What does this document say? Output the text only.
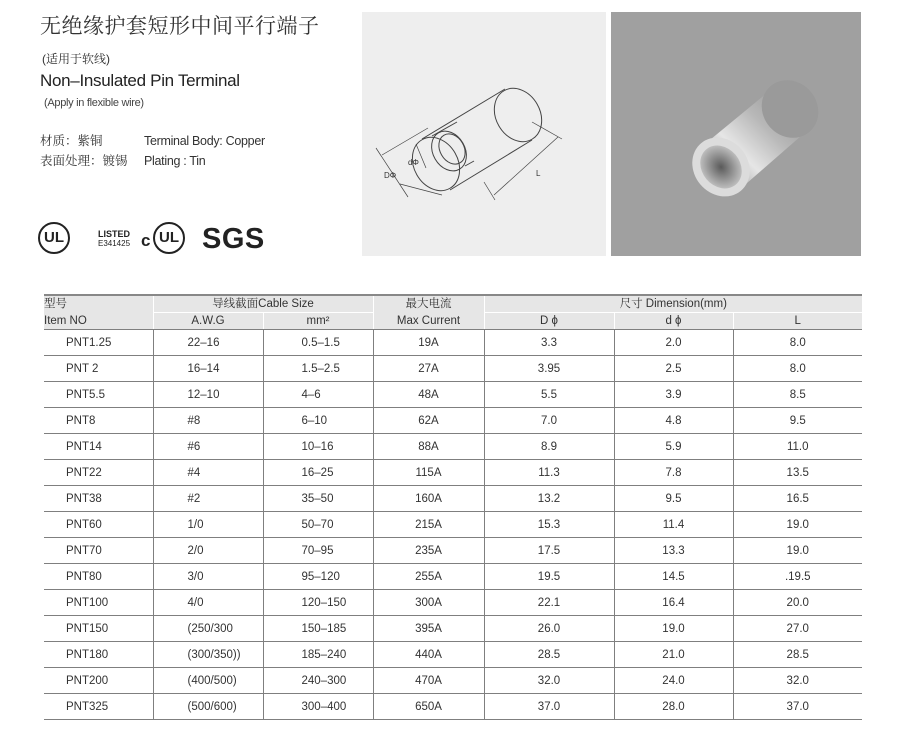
无绝缘护套短形中间平行端子
(适用于软线)
Non–Insulated Pin Terminal
(Apply in flexible wire)
材质：紫铜	Terminal Body: Copper
表面处理：镀锡 Plating : Tin
DΦ
dΦ
L
UL	LISTED
E341425 c UL SGS
型号	导线截面Cable Size		最大电流	尺寸 Dimension(mm)		
Item NO	A.W.G	mm²	Max Current	D ϕ	d ϕ	L
PNT1.25	22–16	0.5–1.5	19A	3.3	2.0	8.0
PNT 2	16–14	1.5–2.5	27A	3.95	2.5	8.0
PNT5.5	12–10	4–6	48A	5.5	3.9	8.5
PNT8	#8	6–10	62A	7.0	4.8	9.5
PNT14	#6	10–16	88A	8.9	5.9	11.0
PNT22	#4	16–25	115A	11.3	7.8	13.5
PNT38	#2	35–50	160A	13.2	9.5	16.5
PNT60	1/0	50–70	215A	15.3	11.4	19.0
PNT70	2/0	70–95	235A	17.5	13.3	19.0
PNT80	3/0	95–120	255A	19.5	14.5	.19.5
PNT100	4/0	120–150	300A	22.1	16.4	20.0
PNT150	(250/300	150–185	395A	26.0	19.0	27.0
PNT180	(300/350))	185–240	440A	28.5	21.0	28.5
PNT200	(400/500)	240–300	470A	32.0	24.0	32.0
PNT325	(500/600)	300–400	650A	37.0	28.0	37.0
